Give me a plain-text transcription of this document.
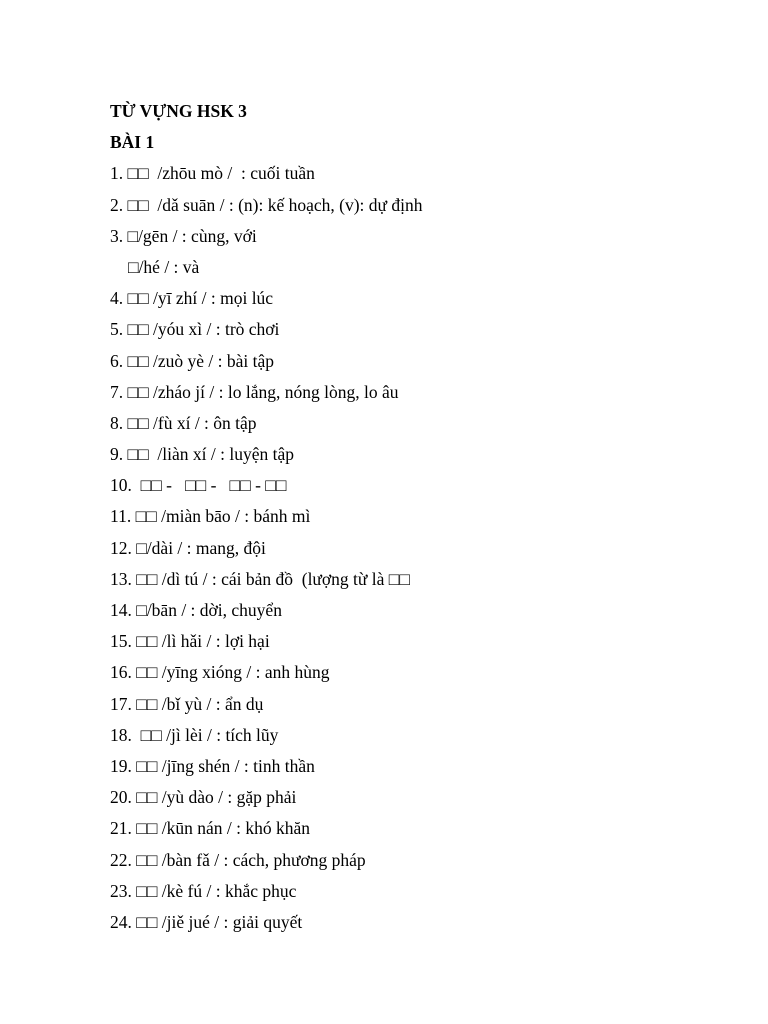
TỪ VỰNG HSK 3
BÀI 1
1. □□  /zhōu mò /  : cuối tuần
2. □□  /dǎ suān / : (n): kế hoạch, (v): dự định
3. □/gēn / : cùng, với
□/hé / : và
4. □□ /yī zhí / : mọi lúc
5. □□ /yóu xì / : trò chơi
6. □□ /zuò yè / : bài tập
7. □□ /zháo jí / : lo lắng, nóng lòng, lo âu
8. □□ /fù xí / : ôn tập
9. □□  /liàn xí / : luyện tập
10.  □□ -   □□ -   □□ - □□
11. □□ /miàn bāo / : bánh mì
12. □/dài / : mang, đội
13. □□ /dì tú / : cái bản đồ  (lượng từ là □□
14. □/bān / : dời, chuyển
15. □□ /lì hǎi / : lợi hại
16. □□ /yīng xióng / : anh hùng
17. □□ /bǐ yù / : ẩn dụ
18.  □□ /jì lèi / : tích lũy
19. □□ /jīng shén / : tinh thần
20. □□ /yù dào / : gặp phải
21. □□ /kūn nán / : khó khăn
22. □□ /bàn fǎ / : cách, phương pháp
23. □□ /kè fú / : khắc phục
24. □□ /jiě jué / : giải quyết
